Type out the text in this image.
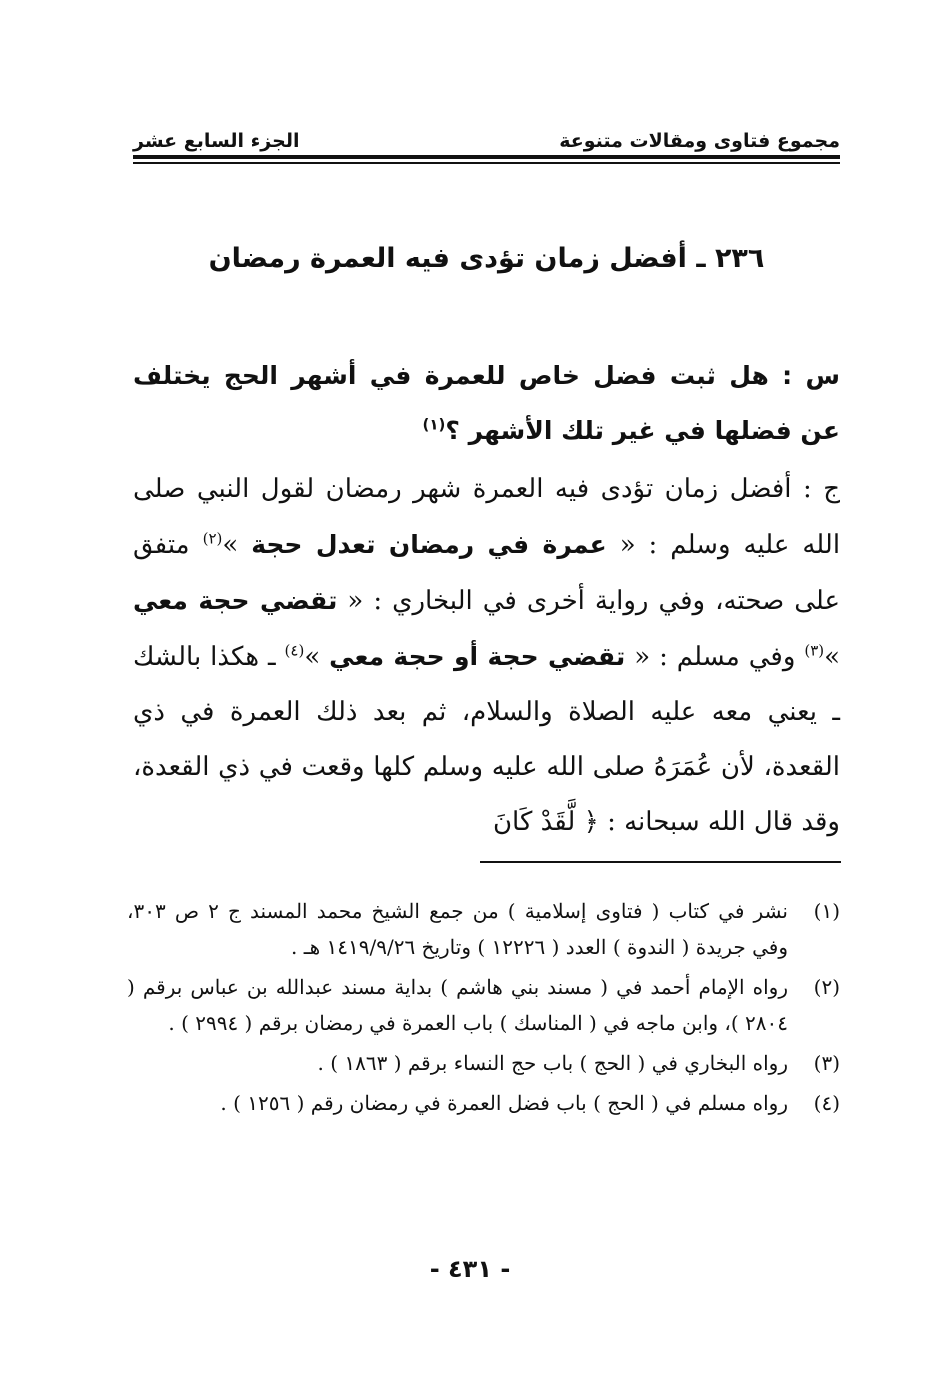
مجموع فتاوى ومقالات متنوعة
الجزء السابع عشر
٢٣٦ ـ أفضل زمان تؤدى فيه العمرة رمضان

س : هل ثبت فضل خاص للعمرة في أشهر الحج يختلف عن فضلها في غير تلك الأشهر ؟$^{(١)}$

ج : أفضل زمان تؤدى فيه العمرة شهر رمضان لقول النبي صلى الله عليه وسلم : « عمرة في رمضان تعدل حجة »$^{(٢)}$ متفق على صحته، وفي رواية أخرى في البخاري : « تقضي حجة معي »$^{(٣)}$ وفي مسلم : « تقضي حجة أو حجة معي »$^{(٤)}$ ـ هكذا بالشك ـ يعني معه عليه الصلاة والسلام، ثم بعد ذلك العمرة في ذي القعدة، لأن عُمَرَهُ صلى الله عليه وسلم كلها وقعت في ذي القعدة، وقد قال الله سبحانه : ﴿ لَّقَدْ كَانَ

(١)
نشر في كتاب ( فتاوى إسلامية ) من جمع الشيخ محمد المسند ج ٢ ص ٣٠٣، وفي جريدة ( الندوة ) العدد ( ١٢٢٢٦ ) وتاريخ ١٤١٩/٩/٢٦ هـ .
(٢)
رواه الإمام أحمد في ( مسند بني هاشم ) بداية مسند عبدالله بن عباس برقم ( ٢٨٠٤ )، وابن ماجه في ( المناسك ) باب العمرة في رمضان برقم ( ٢٩٩٤ ) .
(٣)
رواه البخاري في ( الحج ) باب حج النساء برقم ( ١٨٦٣ ) .
(٤)
رواه مسلم في ( الحج ) باب فضل العمرة في رمضان رقم ( ١٢٥٦ ) .
- ٤٣١ -
